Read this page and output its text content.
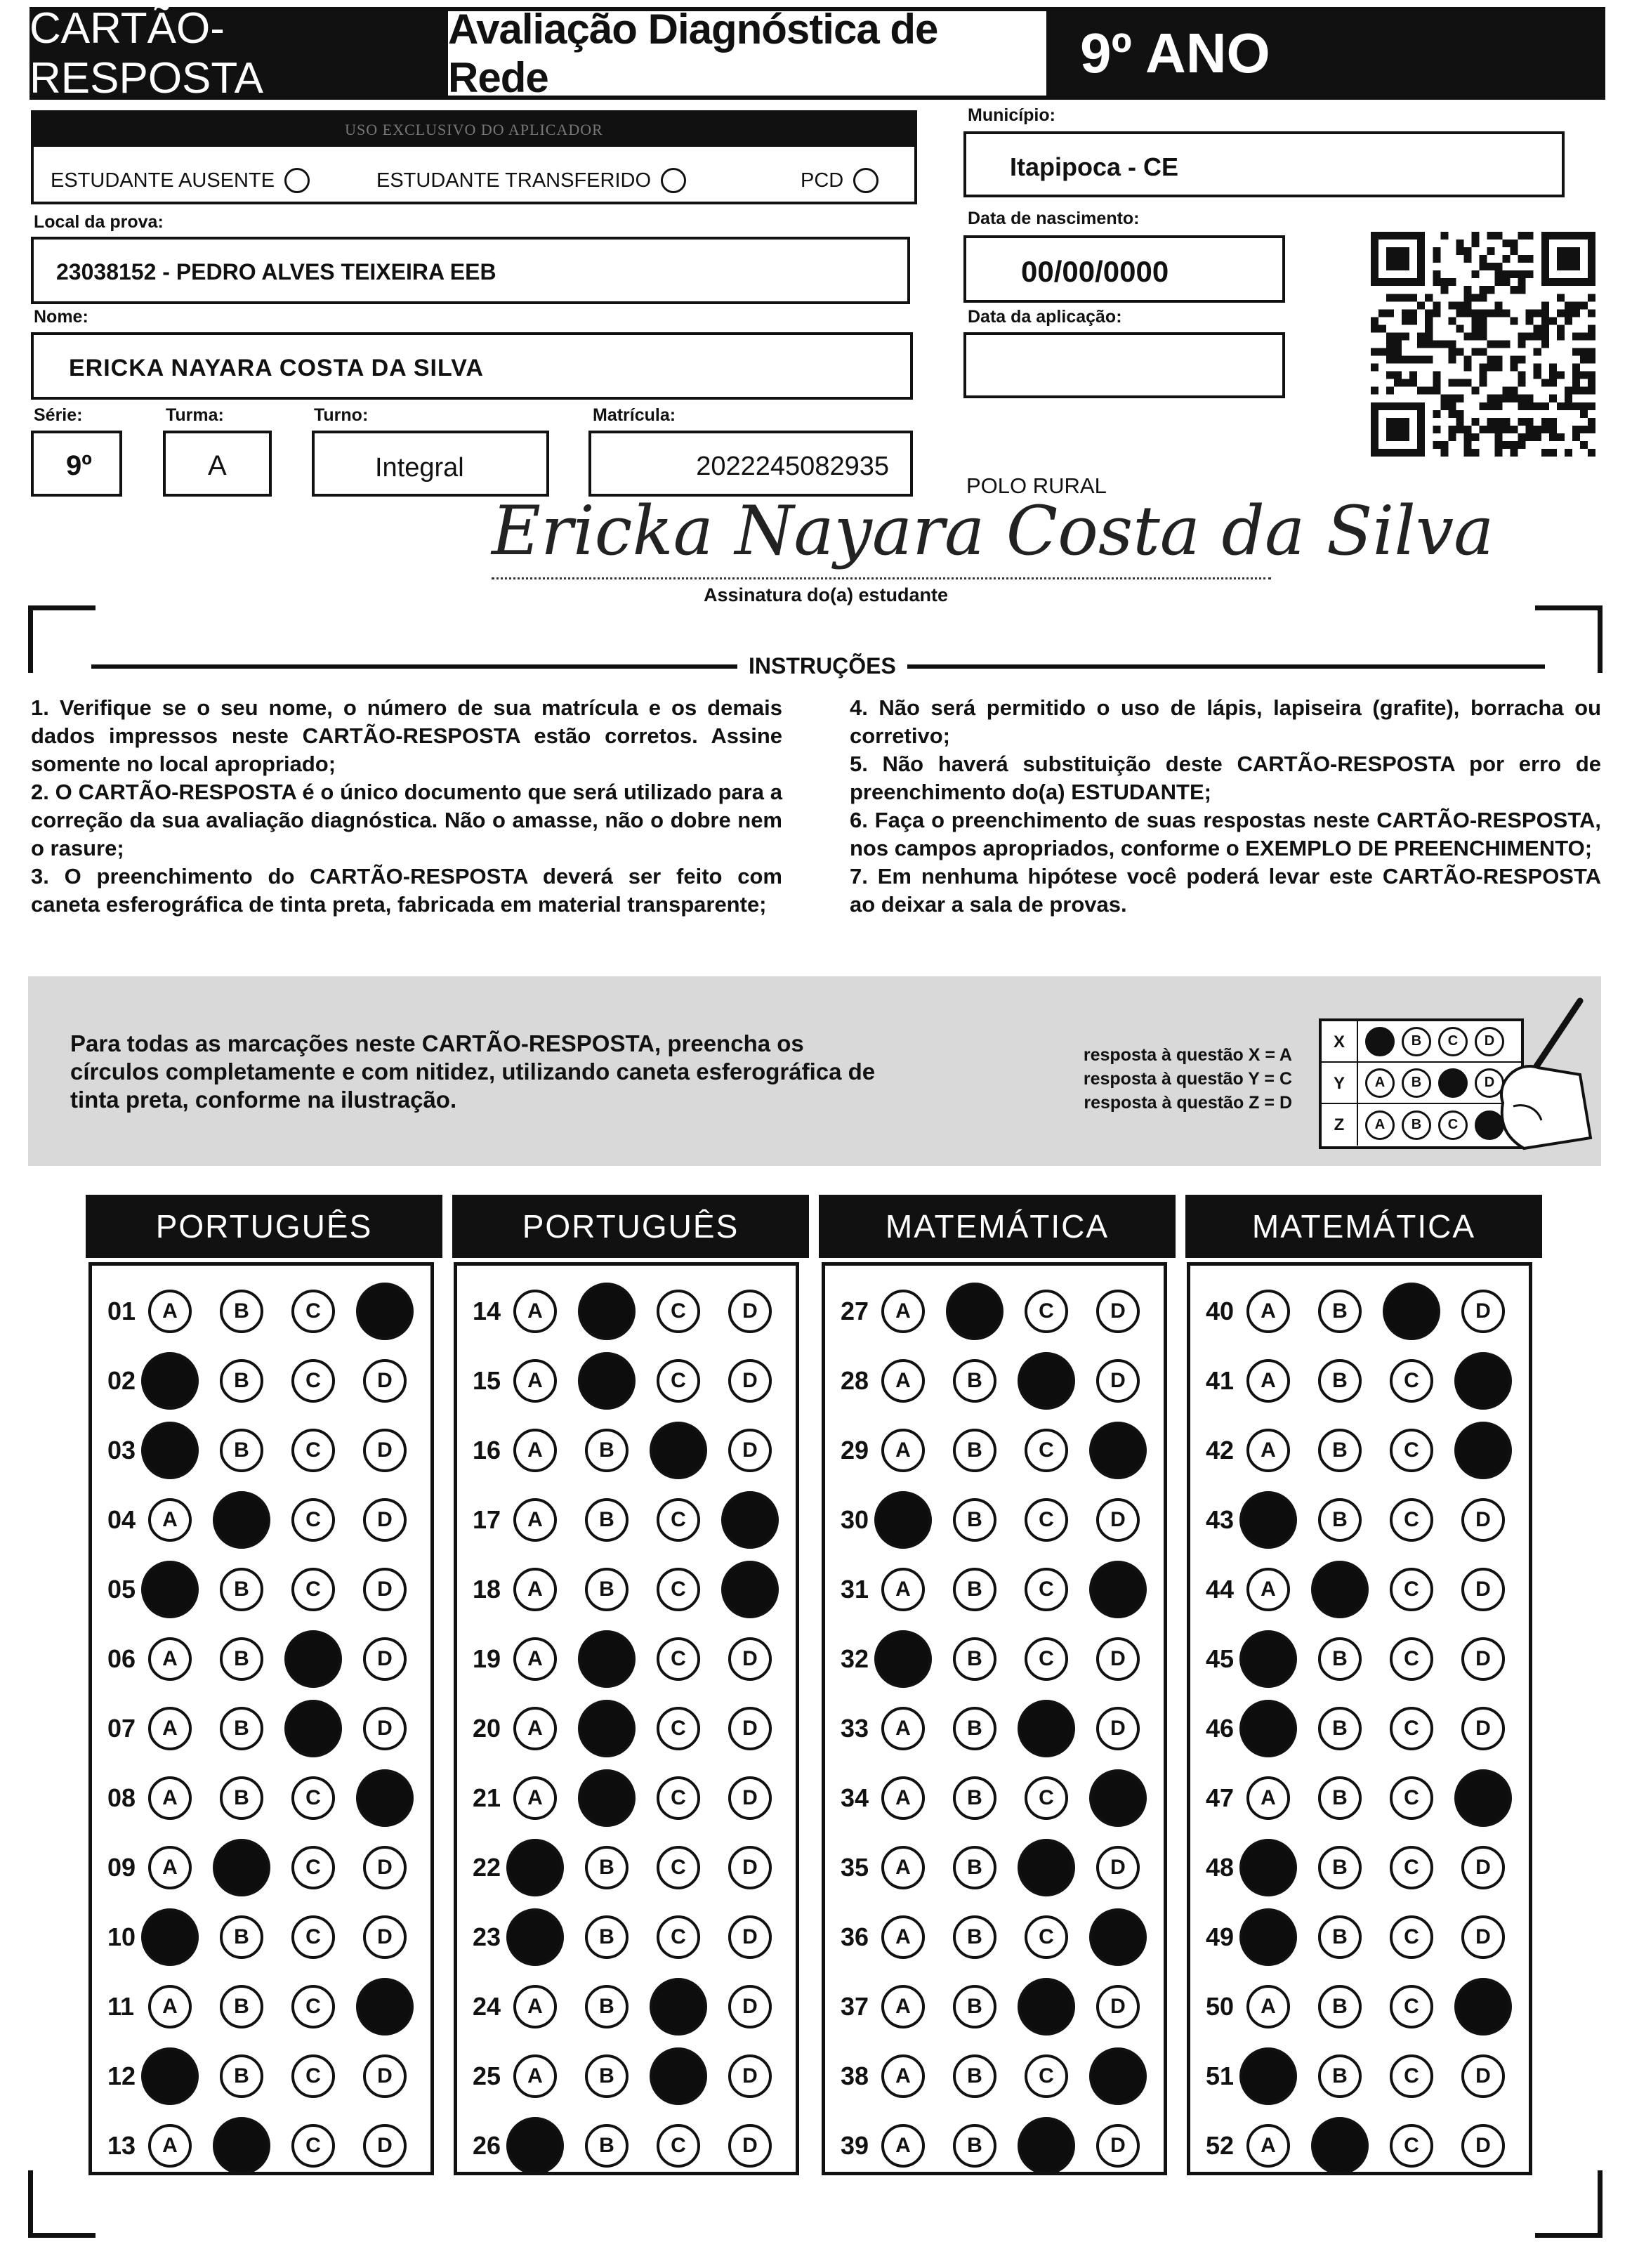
CARTÃO-RESPOSTA
Avaliação Diagnóstica de Rede	9º ANO
USO EXCLUSIVO DO APLICADOR
ESTUDANTE AUSENTE	ESTUDANTE TRANSFERIDO	PCD
Local da prova:
23038152 - PEDRO ALVES TEIXEIRA EEB
Nome:
ERICKA NAYARA COSTA DA SILVA
Série:
9º
Turma:
A
Turno:
Integral
Matrícula:
2022245082935
Município:
Itapipoca - CE
Data de nascimento:
00/00/0000
Data da aplicação:
POLO RURAL
Ericka Nayara Costa da Silva
Assinatura do(a) estudante
INSTRUÇÕES

1. Verifique se o seu nome, o número de sua matrícula e os demais dados impressos neste CARTÃO-RESPOSTA estão corretos. Assine somente no local apropriado;

2. O CARTÃO-RESPOSTA é o único documento que será utilizado para a correção da sua avaliação diagnóstica. Não o amasse, não o dobre nem o rasure;

3. O preenchimento do CARTÃO-RESPOSTA deverá ser feito com caneta esferográfica de tinta preta, fabricada em material transparente;

4. Não será permitido o uso de lápis, lapiseira (grafite), borracha ou corretivo;

5. Não haverá substituição deste CARTÃO-RESPOSTA por erro de preenchimento do(a) ESTUDANTE;

6. Faça o preenchimento de suas respostas neste CARTÃO-RESPOSTA, nos campos apropriados, conforme o EXEMPLO DE PREENCHIMENTO;

7. Em nenhuma hipótese você poderá levar este CARTÃO-RESPOSTA ao deixar a sala de provas.

Para todas as marcações neste CARTÃO-RESPOSTA, preencha os círculos completamente e com nitidez, utilizando caneta esferográfica de tinta preta, conforme na ilustração.
resposta à questão X = A
resposta à questão Y = C
resposta à questão Z = D
X	A	B	C	D
Y	A	B	C	D
Z	A	B	C	D
PORTUGUÊS
01	A	B	C	D
02	A	B	C	D
03	A	B	C	D
04	A	B	C	D
05	A	B	C	D
06	A	B	C	D
07	A	B	C	D
08	A	B	C	D
09	A	B	C	D
10	A	B	C	D
11	A	B	C	D
12	A	B	C	D
13	A	B	C	D
PORTUGUÊS
14	A	B	C	D
15	A	B	C	D
16	A	B	C	D
17	A	B	C	D
18	A	B	C	D
19	A	B	C	D
20	A	B	C	D
21	A	B	C	D
22	A	B	C	D
23	A	B	C	D
24	A	B	C	D
25	A	B	C	D
26	A	B	C	D
MATEMÁTICA
27	A	B	C	D
28	A	B	C	D
29	A	B	C	D
30	A	B	C	D
31	A	B	C	D
32	A	B	C	D
33	A	B	C	D
34	A	B	C	D
35	A	B	C	D
36	A	B	C	D
37	A	B	C	D
38	A	B	C	D
39	A	B	C	D
MATEMÁTICA
40	A	B	C	D
41	A	B	C	D
42	A	B	C	D
43	A	B	C	D
44	A	B	C	D
45	A	B	C	D
46	A	B	C	D
47	A	B	C	D
48	A	B	C	D
49	A	B	C	D
50	A	B	C	D
51	A	B	C	D
52	A	B	C	D
